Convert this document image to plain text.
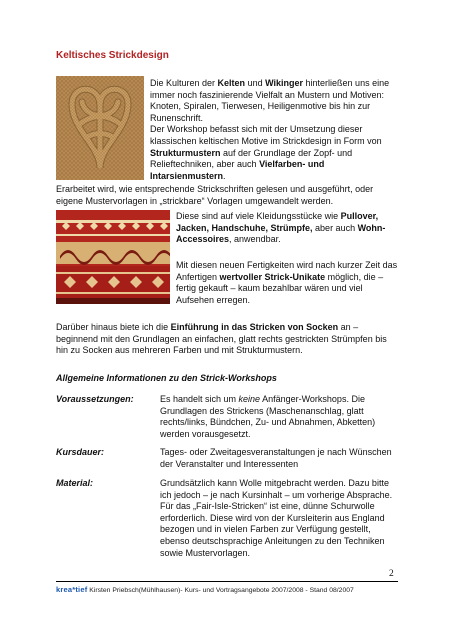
Keltisches Strickdesign
Die Kulturen der Kelten und Wikinger hinterließen uns eine immer noch faszinierende Vielfalt an Mustern und Motiven: Knoten, Spiralen, Tierwesen, Heiligenmotive bis hin zur Runenschrift.
Der Workshop befasst sich mit der Umsetzung dieser klassischen keltischen Motive im Strickdesign in Form von Strukturmustern auf der Grundlage der Zopf- und Relieftechniken, aber auch Vielfarben- und Intarsienmustern.
Erarbeitet wird, wie entsprechende Strickschriften gelesen und ausgeführt, oder eigene Mustervorlagen in „strickbare“ Vorlagen umgewandelt werden.
Diese sind auf viele Kleidungsstücke wie Pullover, Jacken, Handschuhe, Strümpfe, aber auch Wohn-Accessoires, anwendbar.
Mit diesen neuen Fertigkeiten wird nach kurzer Zeit das Anfertigen wertvoller Strick-Unikate möglich, die – fertig gekauft – kaum bezahlbar wären und viel Aufsehen erregen.
Darüber hinaus biete ich die Einführung in das Stricken von Socken an – beginnend mit den Grundlagen an einfachen, glatt rechts gestrickten Strümpfen bis hin zu Socken aus mehreren Farben und mit Strukturmustern.
Allgemeine Informationen zu den Strick-Workshops
Voraussetzungen:	Es handelt sich um keine Anfänger-Workshops. Die Grundlagen des Strickens (Maschenanschlag, glatt rechts/links, Bündchen, Zu- und Abnahmen, Abketten) werden vorausgesetzt.
Kursdauer:	Tages- oder Zweitagesveranstaltungen je nach Wünschen der Veranstalter und Interessenten
Material:	Grundsätzlich kann Wolle mitgebracht werden. Dazu bitte ich jedoch – je nach Kursinhalt – um vorherige Absprache. Für das „Fair-Isle-Stricken“ ist eine, dünne Schurwolle erforderlich. Diese wird von der Kursleiterin aus England bezogen und in vielen Farben zur Verfügung gestellt, ebenso deutschsprachige Anleitungen zu den Techniken sowie Mustervorlagen.
2
krea*tief Kirsten Priebsch(Mühlhausen)- Kurs- und Vortragsangebote 2007/2008 - Stand 08/2007
